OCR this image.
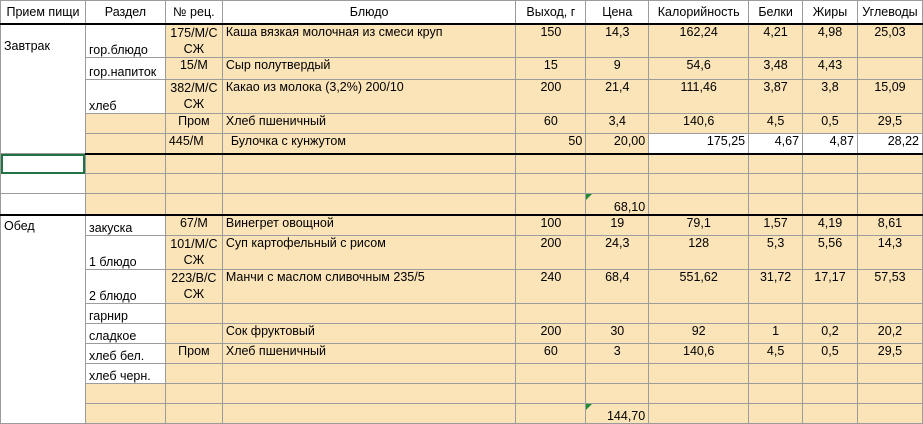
Прием пищи	Раздел	№ рец.	Блюдо	Выход, г	Цена	Калорийность	Белки	Жиры	Углеводы
Завтрак	гор.блюдо	175/М/С СЖ	Каша вязкая молочная из смеси круп	150	14,3	162,24	4,21	4,98	25,03
	гор.напиток	15/М	Сыр полутвердый	15	9	54,6	3,48	4,43	
	хлеб	382/М/С СЖ	Какао из молока (3,2%) 200/10	200	21,4	111,46	3,87	3,8	15,09
		Пром	Хлеб пшеничный	60	3,4	140,6	4,5	0,5	29,5
		445/М	Булочка с кунжутом	50	20,00	175,25	4,67	4,87	28,22

					68,10				
Обед	закуска	67/М	Винегрет овощной	100	19	79,1	1,57	4,19	8,61
	1 блюдо	101/М/С СЖ	Суп картофельный с рисом	200	24,3	128	5,3	5,56	14,3
	2 блюдо	223/В/С СЖ	Манчи с маслом сливочным 235/5	240	68,4	551,62	31,72	17,17	57,53
	гарнир								
	сладкое		Сок фруктовый	200	30	92	1	0,2	20,2
	хлеб бел.	Пром	Хлеб пшеничный	60	3	140,6	4,5	0,5	29,5
	хлеб черн.								

					144,70				
